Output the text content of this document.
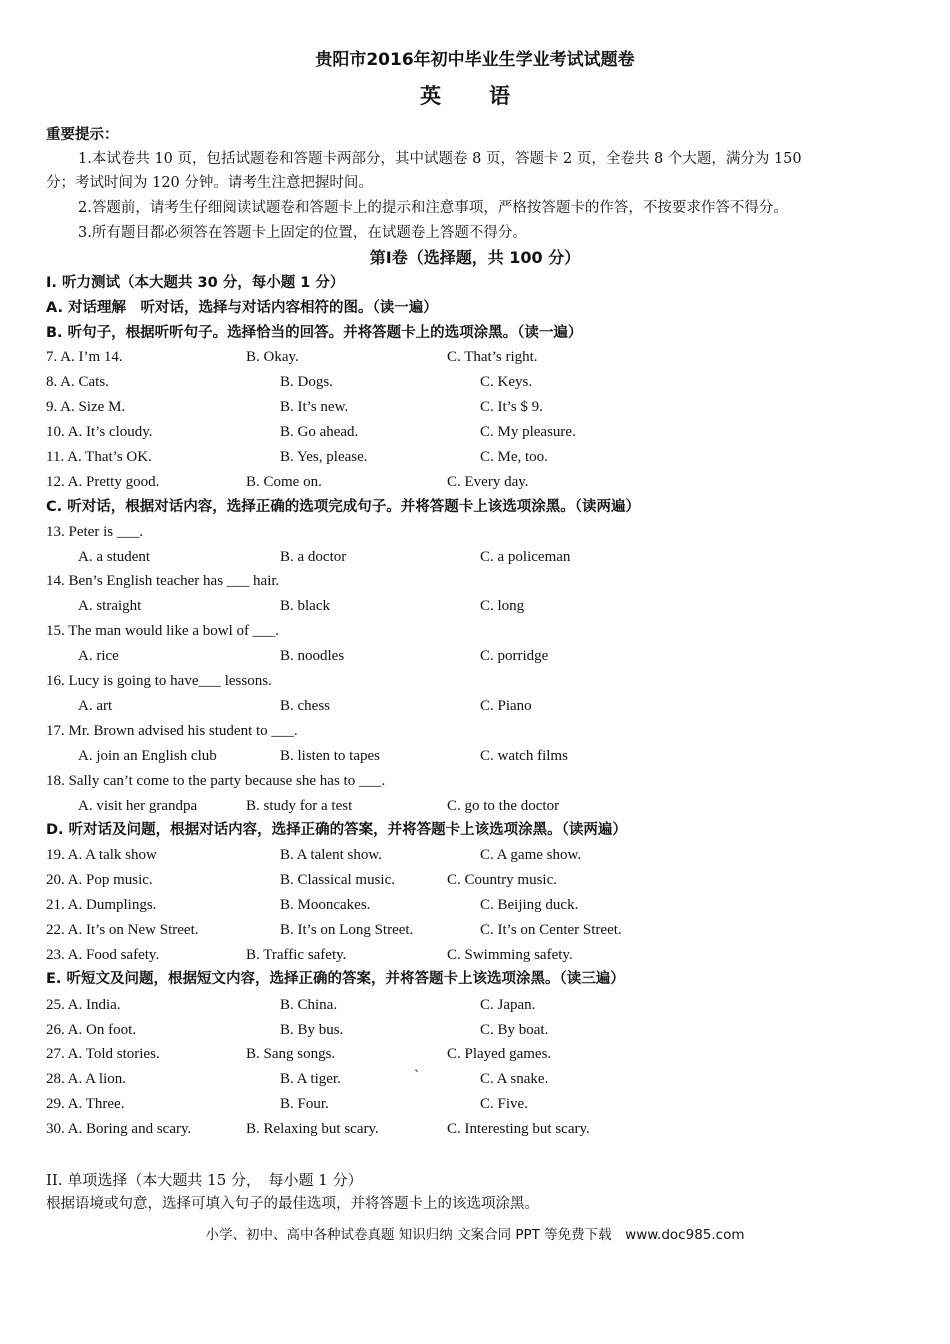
贵阳市2016年初中毕业生学业考试试题卷
英语
重要提示：
1.本试卷共 10 页，包括试题卷和答题卡两部分，其中试题卷 8 页，答题卡 2 页，全卷共 8 个大题，满分为 150
分；考试时间为 120 分钟。请考生注意把握时间。
2.答题前，请考生仔细阅读试题卷和答题卡上的提示和注意事项，严格按答题卡的作答，不按要求作答不得分。
3.所有题目都必须答在答题卡上固定的位置，在试题卷上答题不得分。
第Ⅰ卷（选择题，共 100 分）
Ⅰ. 听力测试（本大题共 30 分，每小题 1 分）
A. 对话理解　听对话，选择与对话内容相符的图。（读一遍）
B. 听句子，根据听听句子。选择恰当的回答。并将答题卡上的选项涂黑。（读一遍）
7. A. I’m 14.	B. Okay.	C. That’s right.
8. A. Cats.	B. Dogs.	C. Keys.
9. A. Size M.	B. It’s new.	C. It’s $ 9.
10. A. It’s cloudy.	B. Go ahead.	C. My pleasure.
11. A. That’s OK.	B. Yes, please.	C. Me, too.
12. A. Pretty good.	B. Come on.	C. Every day.
C. 听对话，根据对话内容，选择正确的选项完成句子。并将答题卡上该选项涂黑。（读两遍）
13. Peter is ___.
A. a student	B. a doctor	C. a policeman
14. Ben’s English teacher has ___ hair.
A. straight	B. black	C. long
15. The man would like a bowl of ___.
A. rice	B. noodles	C. porridge
16. Lucy is going to have___ lessons.
A. art	B. chess	C. Piano
17. Mr. Brown advised his student to ___.
A. join an English club	B. listen to tapes	C. watch films
18. Sally can’t come to the party because she has to ___.
A. visit her grandpa	B. study for a test	C. go to the doctor
D. 听对话及问题，根据对话内容，选择正确的答案，并将答题卡上该选项涂黑。（读两遍）
19. A. A talk show	B. A talent show.	C. A game show.
20. A. Pop music.	B. Classical music.	C. Country music.
21. A. Dumplings.	B. Mooncakes.	C. Beijing duck.
22. A. It’s on New Street.	B. It’s on Long Street.	C. It’s on Center Street.
23. A. Food safety.	B. Traffic safety.	C. Swimming safety.
E. 听短文及问题，根据短文内容，选择正确的答案，并将答题卡上该选项涂黑。（读三遍）
25. A. India.	B. China.	C. Japan.
26. A. On foot.	B. By bus.	C. By boat.
27. A. Told stories.	B. Sang songs.	C. Played games.
28. A. A lion.	B. A tiger.	`	C. A snake.
29. A. Three.	B. Four.	C. Five.
30. A. Boring and scary.	B. Relaxing but scary.	C. Interesting but scary.
II. 单项选择（本大题共 15 分，　每小题 1 分）
根据语境或句意，选择可填入句子的最佳选项，并将答题卡上的该选项涂黑。
小学、初中、高中各种试卷真题 知识归纳 文案合同 PPT 等免费下载　www.doc985.com
